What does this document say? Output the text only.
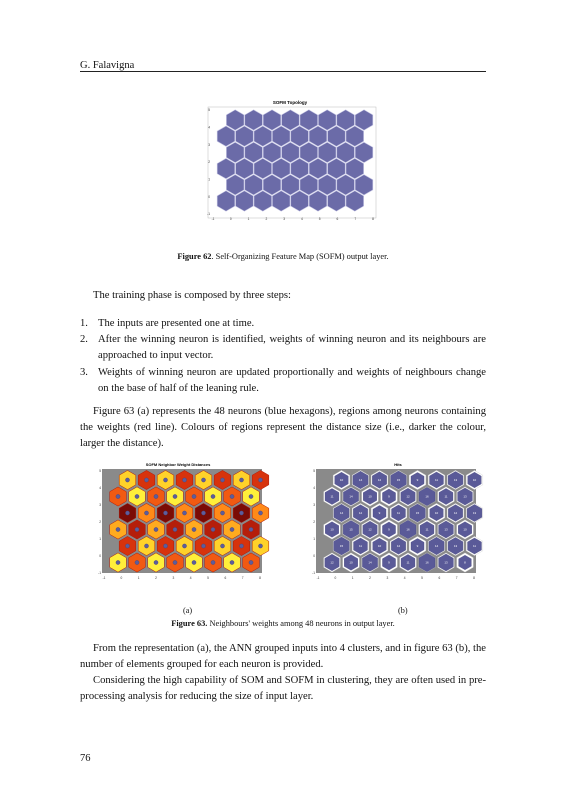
G. Falavigna
SOFM Topology
-1	0	1	2	3	4	5	6	7	8
-1
0
1
2
3
4
5
Figure 62. Self-Organizing Feature Map (SOFM) output layer.
The training phase is composed by three steps:
1. The inputs are presented one at time.
2. After the winning neuron is identified, weights of winning neuron and its neighbours are approached to input vector.
3. Weights of winning neuron are updated proportionally and weights of neighbours change on the base of half of the leaning rule.
Figure 63 (a) represents the 48 neurons (blue hexagons), regions among neurons containing the weights (red line). Colours of regions represent the distance size (i.e., darker the colour, larger the distance).
SOFM Neighbor Weight Distances
-1	0	1	2	3	4	5	6	7	8
-1
0
1
2
3
4
5
Hits
12	10	14	9	11	16	13	8
15	11	10	12	9	14	13	11
10	15	12	9	16	11	13	10
14	12	9	11	15	10	12	13
11	14	10	9	12	16	11	13
10	14	12	15	9	11	13	10
-1	0	1	2	3	4	5	6	7	8
-1
0
1
2
3
4
5
(a)	(b)
Figure 63. Neighbours' weights among 48 neurons in output layer.
From the representation (a), the ANN grouped inputs into 4 clusters, and in figure 63 (b), the number of elements grouped for each neuron is provided.
Considering the high capability of SOM and SOFM in clustering, they are often used in pre-processing analysis for reducing the size of input layer.
76
